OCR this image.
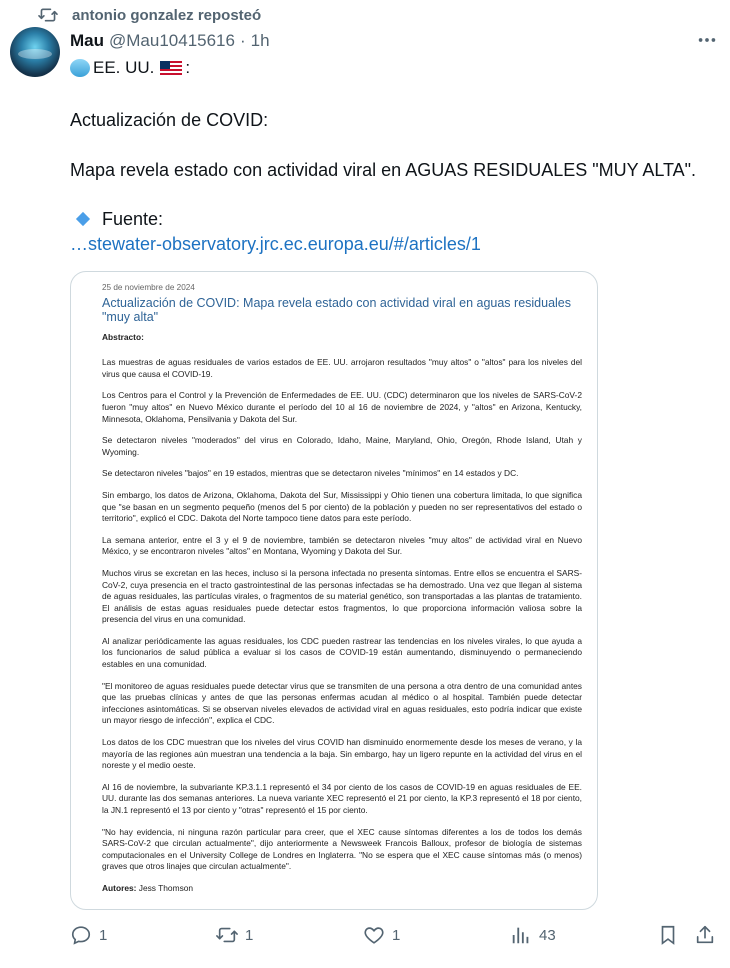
antonio gonzalez reposteó
Mau @Mau10415616 · 1h
EE. UU. :
Actualización de COVID:
Mapa revela estado con actividad viral en AGUAS RESIDUALES "MUY ALTA".
Fuente:
…stewater-observatory.jrc.ec.europa.eu/#/articles/1
25 de noviembre de 2024
Actualización de COVID: Mapa revela estado con actividad viral en aguas residuales "muy alta"
Abstracto:

Las muestras de aguas residuales de varios estados de EE. UU. arrojaron resultados "muy altos" o "altos" para los niveles del virus que causa el COVID-19.

Los Centros para el Control y la Prevención de Enfermedades de EE. UU. (CDC) determinaron que los niveles de SARS-CoV-2 fueron "muy altos" en Nuevo México durante el período del 10 al 16 de noviembre de 2024, y "altos" en Arizona, Kentucky, Minnesota, Oklahoma, Pensilvania y Dakota del Sur.

Se detectaron niveles "moderados" del virus en Colorado, Idaho, Maine, Maryland, Ohio, Oregón, Rhode Island, Utah y Wyoming.

Se detectaron niveles "bajos" en 19 estados, mientras que se detectaron niveles "mínimos" en 14 estados y DC.

Sin embargo, los datos de Arizona, Oklahoma, Dakota del Sur, Mississippi y Ohio tienen una cobertura limitada, lo que significa que "se basan en un segmento pequeño (menos del 5 por ciento) de la población y pueden no ser representativos del estado o territorio", explicó el CDC. Dakota del Norte tampoco tiene datos para este período.

La semana anterior, entre el 3 y el 9 de noviembre, también se detectaron niveles "muy altos" de actividad viral en Nuevo México, y se encontraron niveles "altos" en Montana, Wyoming y Dakota del Sur.

Muchos virus se excretan en las heces, incluso si la persona infectada no presenta síntomas. Entre ellos se encuentra el SARS-CoV-2, cuya presencia en el tracto gastrointestinal de las personas infectadas se ha demostrado. Una vez que llegan al sistema de aguas residuales, las partículas virales, o fragmentos de su material genético, son transportadas a las plantas de tratamiento. El análisis de estas aguas residuales puede detectar estos fragmentos, lo que proporciona información valiosa sobre la presencia del virus en una comunidad.

Al analizar periódicamente las aguas residuales, los CDC pueden rastrear las tendencias en los niveles virales, lo que ayuda a los funcionarios de salud pública a evaluar si los casos de COVID-19 están aumentando, disminuyendo o permaneciendo estables en una comunidad.

"El monitoreo de aguas residuales puede detectar virus que se transmiten de una persona a otra dentro de una comunidad antes que las pruebas clínicas y antes de que las personas enfermas acudan al médico o al hospital. También puede detectar infecciones asintomáticas. Si se observan niveles elevados de actividad viral en aguas residuales, esto podría indicar que existe un mayor riesgo de infección", explica el CDC.

Los datos de los CDC muestran que los niveles del virus COVID han disminuido enormemente desde los meses de verano, y la mayoría de las regiones aún muestran una tendencia a la baja. Sin embargo, hay un ligero repunte en la actividad del virus en el noreste y el medio oeste.

Al 16 de noviembre, la subvariante KP.3.1.1 representó el 34 por ciento de los casos de COVID-19 en aguas residuales de EE. UU. durante las dos semanas anteriores. La nueva variante XEC representó el 21 por ciento, la KP.3 representó el 18 por ciento, la JN.1 representó el 13 por ciento y "otras" representó el 15 por ciento.

"No hay evidencia, ni ninguna razón particular para creer, que el XEC cause síntomas diferentes a los de todos los demás SARS-CoV-2 que circulan actualmente", dijo anteriormente a Newsweek Francois Balloux, profesor de biología de sistemas computacionales en el University College de Londres en Inglaterra. "No se espera que el XEC cause síntomas más (o menos) graves que otros linajes que circulan actualmente".

Autores: Jess Thomson
1	1	1	43
